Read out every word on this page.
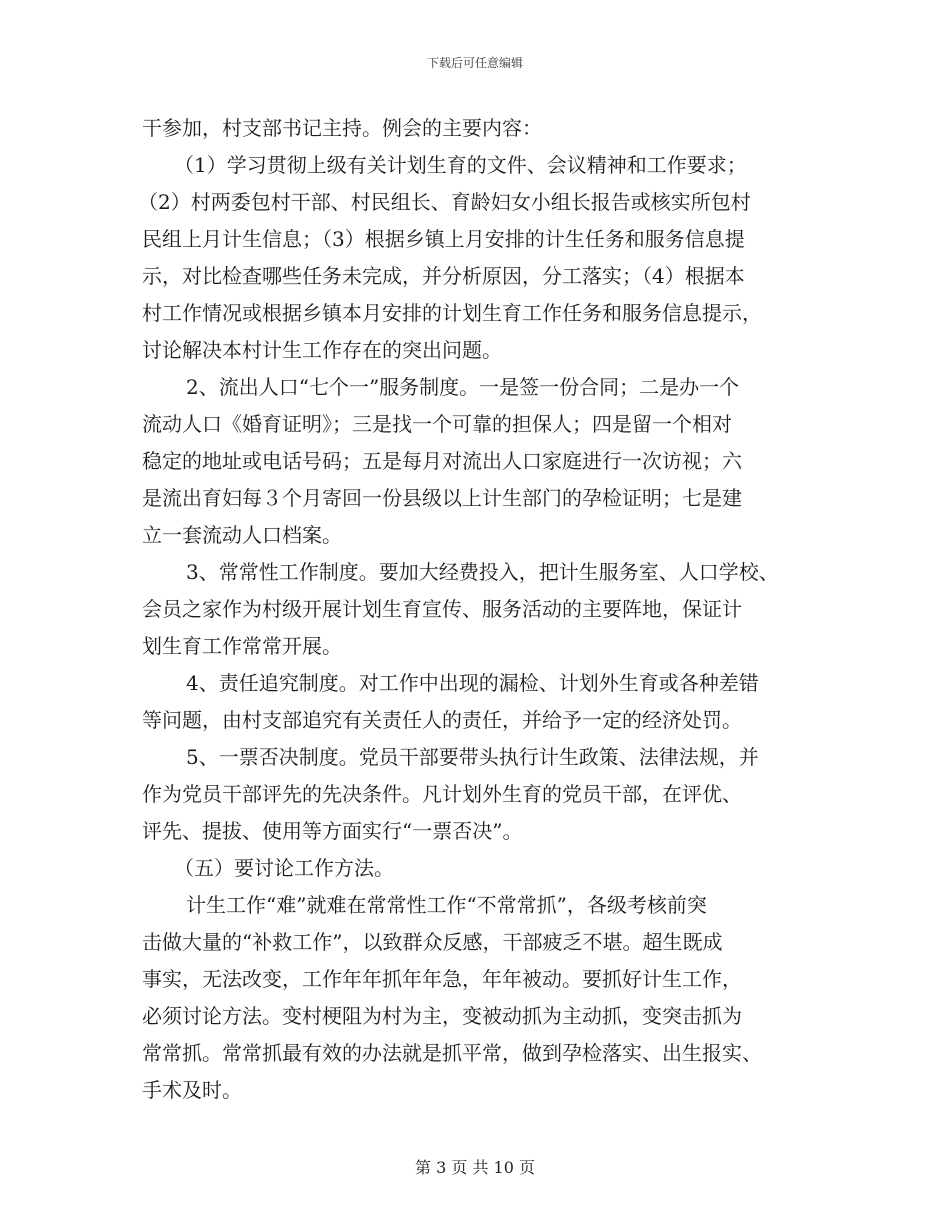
下载后可任意编辑
干参加，村支部书记主持。例会的主要内容：
（1）学习贯彻上级有关计划生育的文件、会议精神和工作要求；
（2）村两委包村干部、村民组长、育龄妇女小组长报告或核实所包村
民组上月计生信息；（3）根据乡镇上月安排的计生任务和服务信息提
示，对比检查哪些任务未完成，并分析原因，分工落实；（4）根据本
村工作情况或根据乡镇本月安排的计划生育工作任务和服务信息提示，
讨论解决本村计生工作存在的突出问题。
2、流出人口“七个一”服务制度。一是签一份合同；二是办一个
流动人口《婚育证明》；三是找一个可靠的担保人；四是留一个相对
稳定的地址或电话号码；五是每月对流出人口家庭进行一次访视；六
是流出育妇每３个月寄回一份县级以上计生部门的孕检证明；七是建
立一套流动人口档案。
3、常常性工作制度。要加大经费投入，把计生服务室、人口学校、
会员之家作为村级开展计划生育宣传、服务活动的主要阵地，保证计
划生育工作常常开展。
4、责任追究制度。对工作中出现的漏检、计划外生育或各种差错
等问题，由村支部追究有关责任人的责任，并给予一定的经济处罚。
5、一票否决制度。党员干部要带头执行计生政策、法律法规，并
作为党员干部评先的先决条件。凡计划外生育的党员干部，在评优、
评先、提拔、使用等方面实行“一票否决”。
（五）要讨论工作方法。
计生工作“难”就难在常常性工作“不常常抓”，各级考核前突
击做大量的“补救工作”，以致群众反感，干部疲乏不堪。超生既成
事实，无法改变，工作年年抓年年急，年年被动。要抓好计生工作，
必须讨论方法。变村梗阻为村为主，变被动抓为主动抓，变突击抓为
常常抓。常常抓最有效的办法就是抓平常，做到孕检落实、出生报实、
手术及时。
第 3 页 共 10 页
